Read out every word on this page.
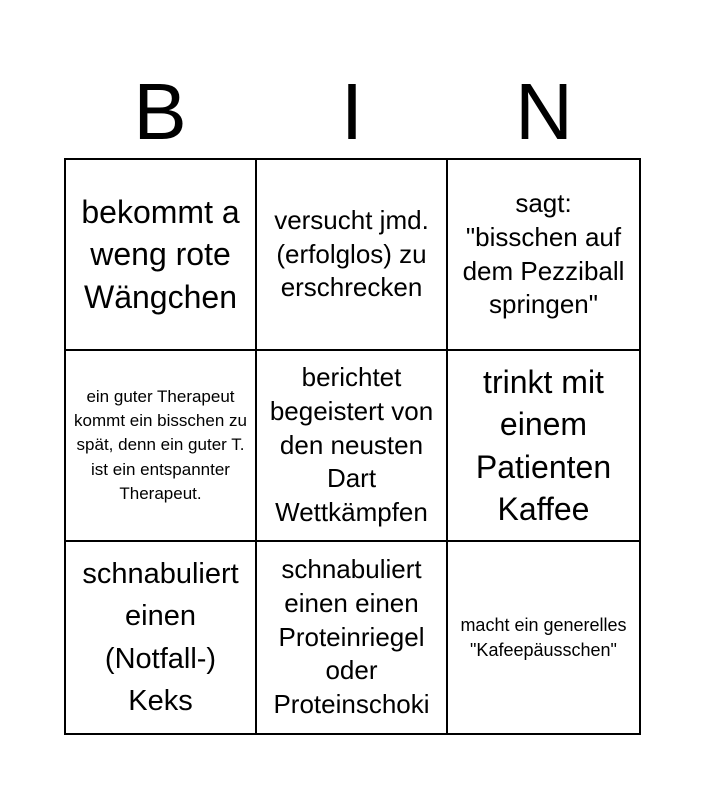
B	I	N
bekommt a weng rote Wängchen
versucht jmd. (erfolglos) zu erschrecken
sagt: "bisschen auf dem Pezziball springen"
ein guter Therapeut kommt ein bisschen zu spät, denn ein guter T. ist ein entspannter Therapeut.
berichtet begeistert von den neusten Dart Wettkämpfen
trinkt mit einem Patienten Kaffee
schnabuliert einen (Notfall-) Keks
schnabuliert einen einen Proteinriegel oder Proteinschoki
macht ein generelles "Kafeepäusschen"
